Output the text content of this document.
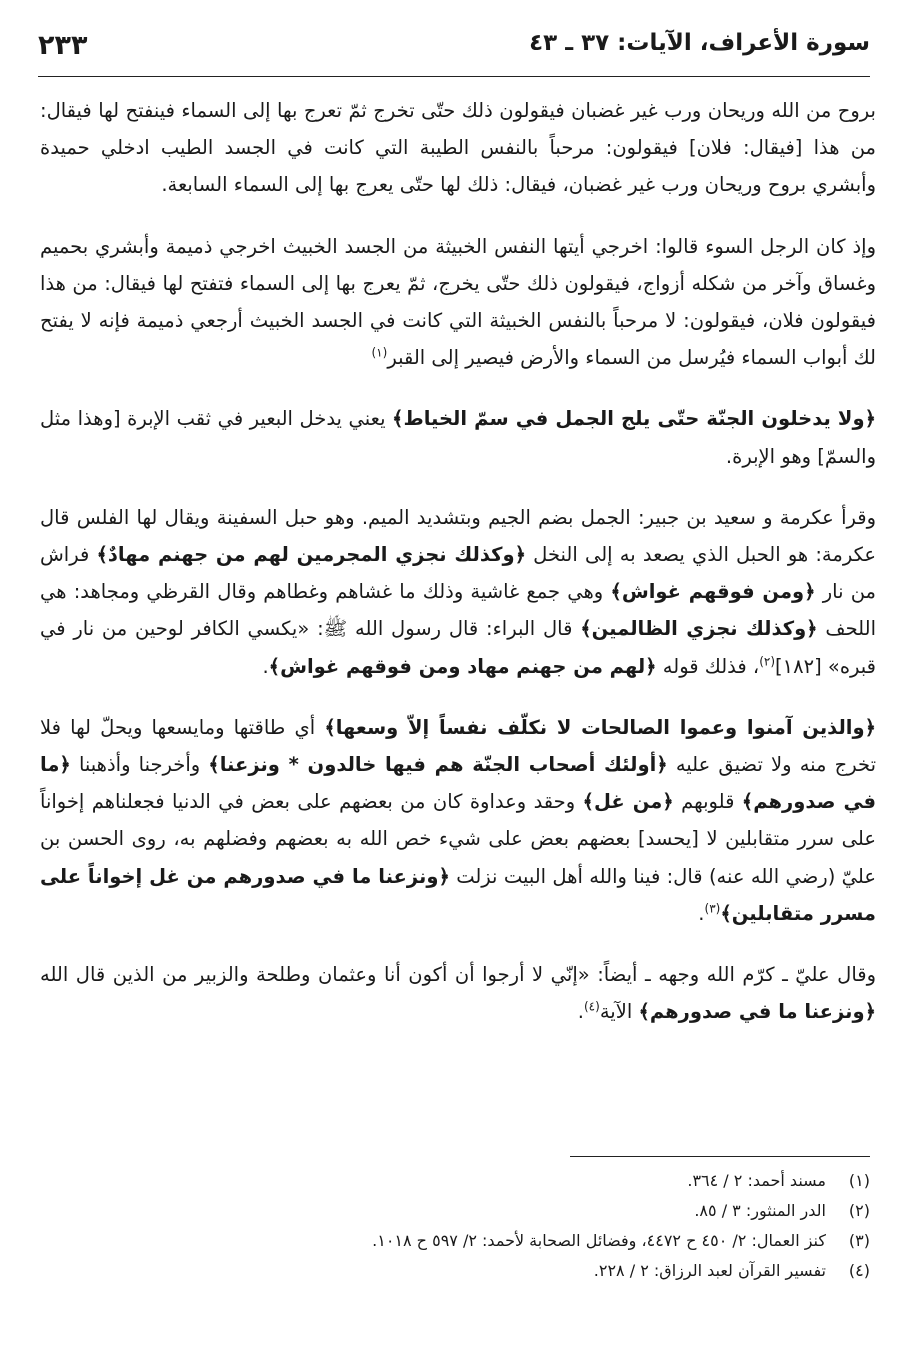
سورة الأعراف، الآيات: ٣٧ ـ ٤٣
٢٣٣

بروح من الله وريحان ورب غير غضبان فيقولون ذلك حتّى تخرج ثمّ تعرج بها إلى السماء فينفتح لها فيقال: من هذا [فيقال: فلان] فيقولون: مرحباً بالنفس الطيبة التي كانت في الجسد الطيب ادخلي حميدة وأبشري بروح وريحان ورب غير غضبان، فيقال: ذلك لها حتّى يعرج بها إلى السماء السابعة.

وإذ كان الرجل السوء قالوا: اخرجي أيتها النفس الخبيثة من الجسد الخبيث اخرجي ذميمة وأبشري بحميم وغساق وآخر من شكله أزواج، فيقولون ذلك حتّى يخرج، ثمّ يعرج بها إلى السماء فتفتح لها فيقال: من هذا فيقولون فلان، فيقولون: لا مرحباً بالنفس الخبيثة التي كانت في الجسد الخبيث أرجعي ذميمة فإنه لا يفتح لك أبواب السماء فيُرسل من السماء والأرض فيصير إلى القبر$^{(١)}$

﴿ولا يدخلون الجنّة حتّى يلج الجمل في سمّ الخياط﴾ يعني يدخل البعير في ثقب الإبرة [وهذا مثل والسمّ] وهو الإبرة.

وقرأ عكرمة و سعيد بن جبير: الجمل بضم الجيم وبتشديد الميم. وهو حبل السفينة ويقال لها الفلس قال عكرمة: هو الحبل الذي يصعد به إلى النخل ﴿وكذلك نجزي المجرمين لهم من جهنم مهادٌ﴾ فراش من نار ﴿ومن فوقهم غواش﴾ وهي جمع غاشية وذلك ما غشاهم وغطاهم وقال القرظي ومجاهد: هي اللحف ﴿وكذلك نجزي الظالمين﴾ قال البراء: قال رسول الله ﷺ: «يكسي الكافر لوحين من نار في قبره» [١٨٢]$^{(٢)}$، فذلك قوله ﴿لهم من جهنم مهاد ومن فوقهم غواش﴾.

﴿والذين آمنوا وعموا الصالحات لا نكلّف نفساً إلاّ وسعها﴾ أي طاقتها ومايسعها ويحلّ لها فلا تخرج منه ولا تضيق عليه ﴿أولئك أصحاب الجنّة هم فيها خالدون * ونزعنا﴾ وأخرجنا وأذهبنا ﴿ما في صدورهم﴾ قلوبهم ﴿من غل﴾ وحقد وعداوة كان من بعضهم على بعض في الدنيا فجعلناهم إخواناً على سرر متقابلين لا [يحسد] بعضهم بعض على شيء خص الله به بعضهم وفضلهم به، روى الحسن بن عليّ (رضي الله عنه) قال: فينا والله أهل البيت نزلت ﴿ونزعنا ما في صدورهم من غل إخواناً على مسرر متقابلين﴾$^{(٣)}$.

وقال عليّ ـ كرّم الله وجهه ـ أيضاً: «إنّي لا أرجوا أن أكون أنا وعثمان وطلحة والزبير من الذين قال الله ﴿ونزعنا ما في صدورهم﴾ الآية$^{(٤)}$.

(١)
مسند أحمد: ٢ / ٣٦٤.
(٢)
الدر المنثور: ٣ / ٨٥.
(٣)
كنز العمال: ٢/ ٤٥٠ ح ٤٤٧٢، وفضائل الصحابة لأحمد: ٢/ ٥٩٧ ح ١٠١٨.
(٤)
تفسير القرآن لعبد الرزاق: ٢ / ٢٢٨.
